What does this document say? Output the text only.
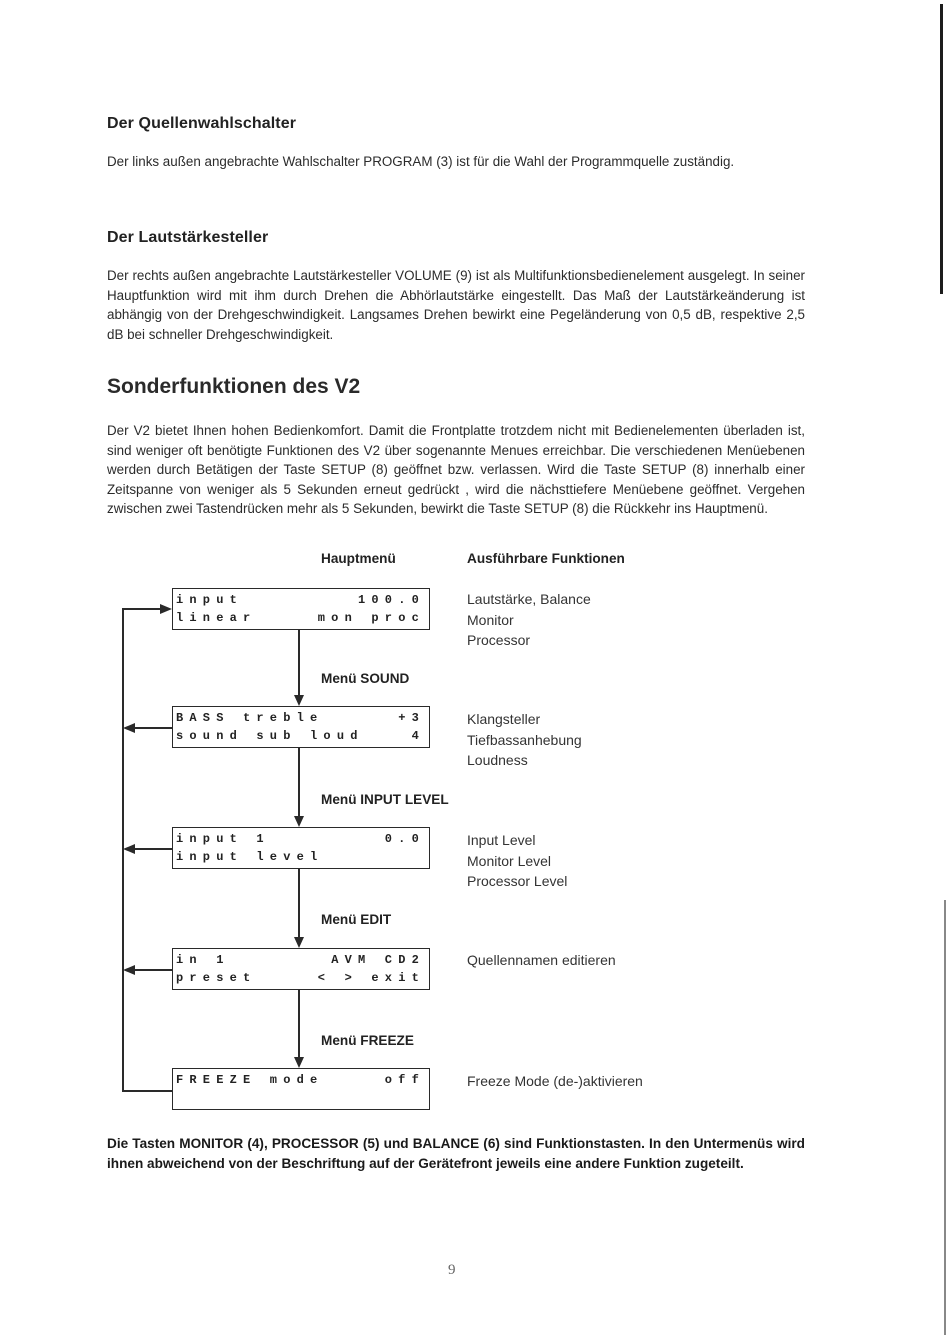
Der Quellenwahlschalter

Der links außen angebrachte Wahlschalter PROGRAM (3) ist für die Wahl der Programmquelle zuständig.

Der Lautstärkesteller

Der rechts außen angebrachte Lautstärkesteller VOLUME (9) ist als Multifunktionsbedienelement ausgelegt. In seiner Hauptfunktion wird mit ihm durch Drehen die Abhörlautstärke eingestellt. Das Maß der Lautstärkeänderung ist abhängig von der Drehgeschwindigkeit. Langsames Drehen bewirkt eine Pegeländerung von 0,5 dB, respektive 2,5 dB bei schneller Drehgeschwindigkeit.

Sonderfunktionen des V2

Der V2 bietet Ihnen hohen Bedienkomfort. Damit die Frontplatte trotzdem nicht mit Bedienelementen überladen ist, sind weniger oft benötigte Funktionen des V2 über sogenannte Menues erreichbar. Die verschiedenen Menüebenen werden durch Betätigen der Taste SETUP (8) geöffnet bzw. verlassen. Wird die Taste SETUP (8) innerhalb einer Zeitspanne von weniger als 5 Sekunden erneut gedrückt , wird die nächsttiefere Menüebene geöffnet. Vergehen zwischen zwei Tastendrücken mehr als 5 Sekunden, bewirkt die Taste SETUP (8) die Rückkehr ins Hauptmenü.

Hauptmenü	Ausführbare Funktionen
Menü SOUND
Menü INPUT LEVEL
Menü EDIT
Menü FREEZE
input	100.0
linear	mon proc
BASS treble	+3
sound sub loud	4
input 1	0.0
input level
in 1	AVM CD2
preset	< > exit
FREEZE mode	off
Lautstärke, Balance
Monitor
Processor
Klangsteller
Tiefbassanhebung
Loudness
Input Level
Monitor Level
Processor Level
Quellennamen editieren
Freeze Mode (de-)aktivieren

Die Tasten MONITOR (4), PROCESSOR (5) und BALANCE (6) sind Funktionstasten. In den Untermenüs wird ihnen abweichend von der Beschriftung auf der Gerätefront jeweils eine andere Funktion zugeteilt.

9
